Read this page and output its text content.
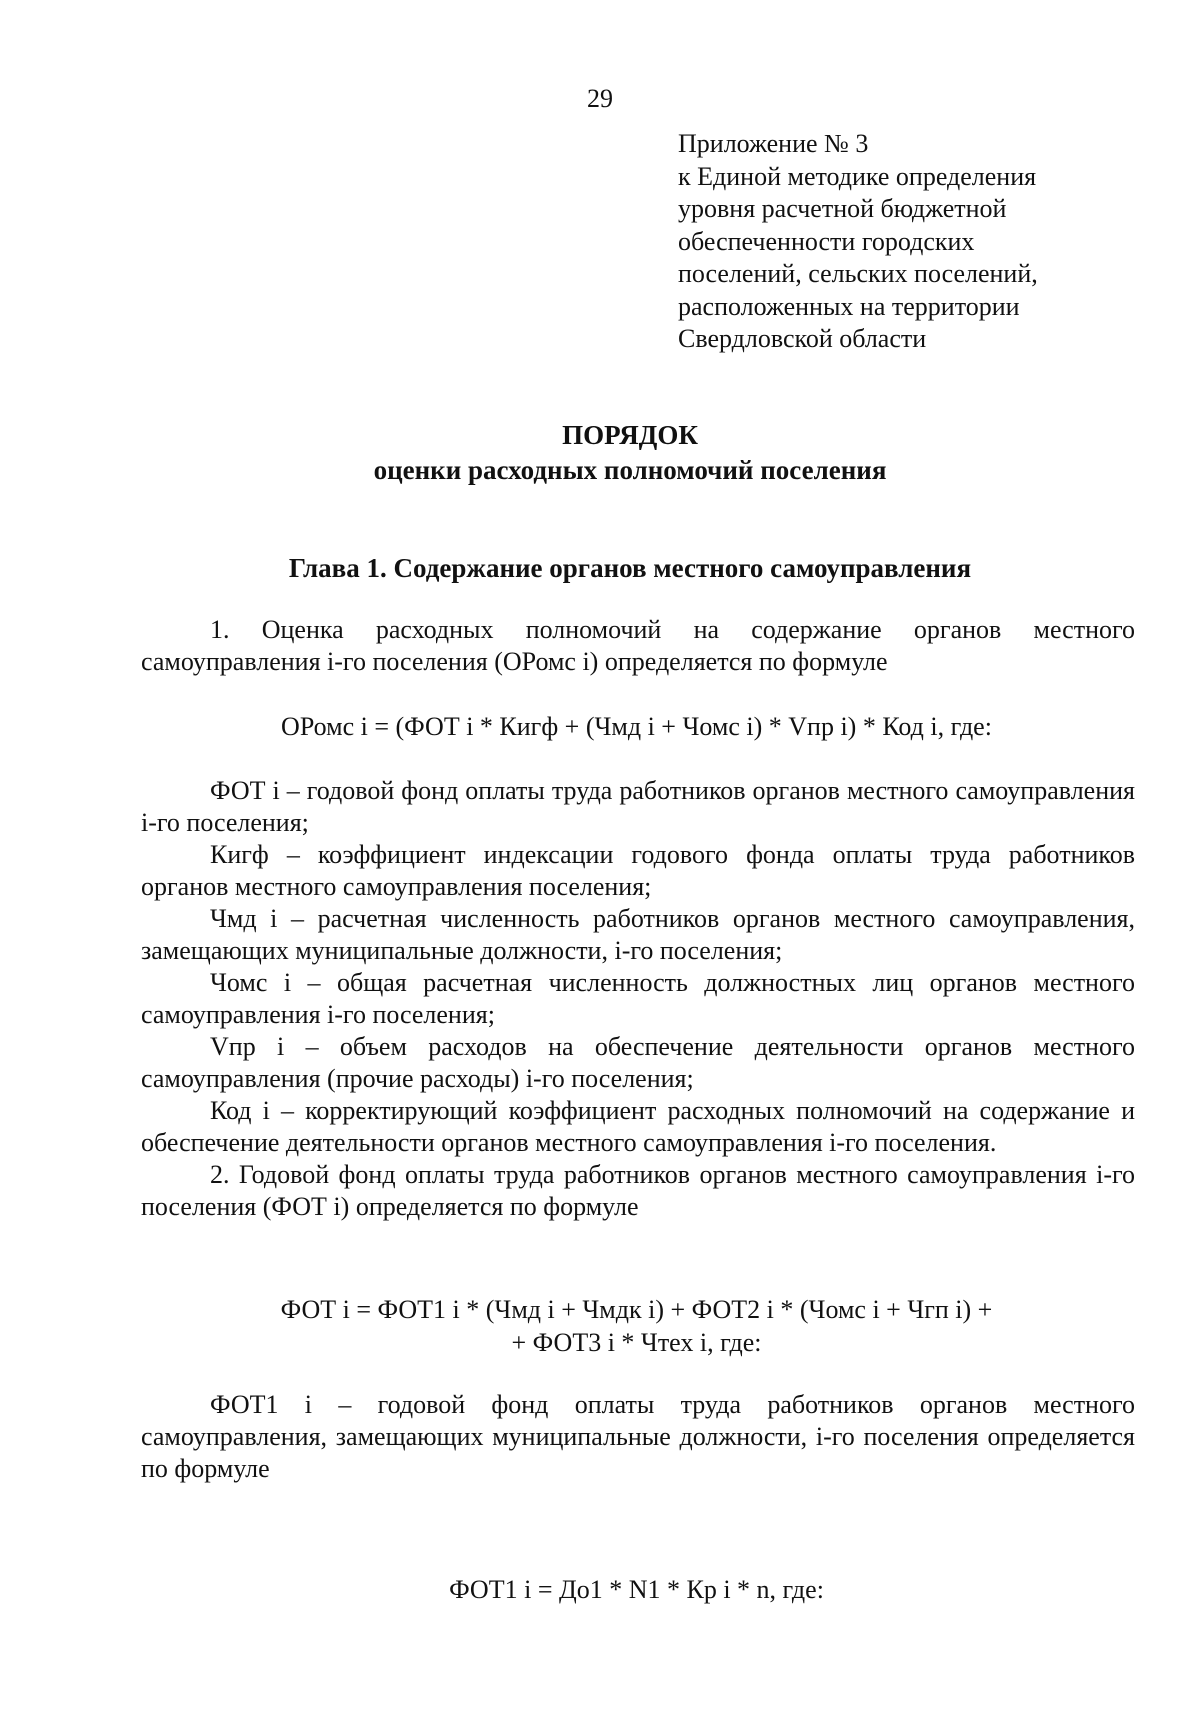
29
Приложение № 3
к Единой методике определения
уровня расчетной бюджетной
обеспеченности городских
поселений, сельских поселений,
расположенных на территории
Свердловской области
ПОРЯДОК
оценки расходных полномочий поселения
Глава 1. Содержание органов местного самоуправления

1. Оценка расходных полномочий на содержание органов местного самоуправления i-го поселения (ОРомс i) определяется по формуле

ОРомс i = (ФОТ i * Кигф + (Чмд i + Чомс i) * Vпр i) * Код i, где:

ФОТ i – годовой фонд оплаты труда работников органов местного самоуправления i-го поселения;

Кигф – коэффициент индексации годового фонда оплаты труда работников органов местного самоуправления поселения;

Чмд i – расчетная численность работников органов местного самоуправления, замещающих муниципальные должности, i-го поселения;

Чомс i – общая расчетная численность должностных лиц органов местного самоуправления i-го поселения;

Vпр i – объем расходов на обеспечение деятельности органов местного самоуправления (прочие расходы) i-го поселения;

Код i – корректирующий коэффициент расходных полномочий на содержание и обеспечение деятельности органов местного самоуправления i-го поселения.

2. Годовой фонд оплаты труда работников органов местного самоуправления i-го поселения (ФОТ i) определяется по формуле

ФОТ i = ФОТ1 i * (Чмд i + Чмдк i) + ФОТ2 i * (Чомс i + Чгп i) +
+ ФОТ3 i * Чтех i, где:

ФОТ1 i – годовой фонд оплаты труда работников органов местного самоуправления, замещающих муниципальные должности, i-го поселения определяется по формуле

ФОТ1 i = До1 * N1 * Кр i * n, где:
